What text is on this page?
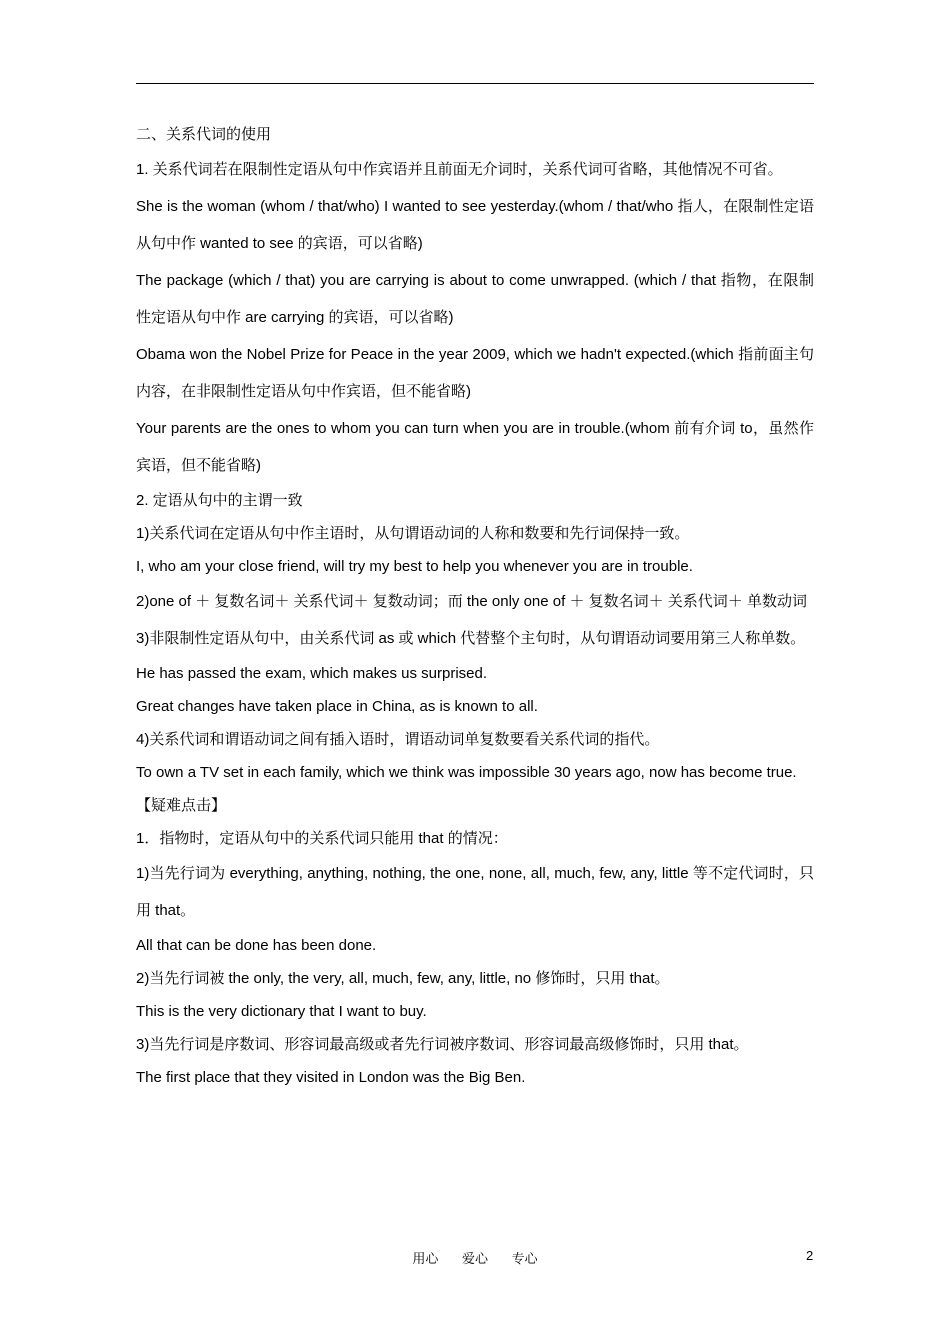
二、关系代词的使用

1. 关系代词若在限制性定语从句中作宾语并且前面无介词时，关系代词可省略，其他情况不可省。

She is the woman (whom / that/who) I wanted to see yesterday.(whom / that/who 指人，在限制性定语从句中作 wanted to see 的宾语，可以省略)

The package (which / that) you are carrying is about to come unwrapped. (which / that 指物，在限制性定语从句中作 are carrying 的宾语，可以省略)

Obama won the Nobel Prize for Peace in the year 2009, which we hadn't expected.(which 指前面主句内容，在非限制性定语从句中作宾语，但不能省略)

Your parents are the ones to whom you can turn when you are in trouble.(whom 前有介词 to，虽然作宾语，但不能省略)

2. 定语从句中的主谓一致

1)关系代词在定语从句中作主语时，从句谓语动词的人称和数要和先行词保持一致。

I, who am your close friend, will try my best to help you whenever you are in trouble.

2)one of ＋ 复数名词＋ 关系代词＋ 复数动词；而 the only one of ＋ 复数名词＋ 关系代词＋ 单数动词

3)非限制性定语从句中，由关系代词 as 或 which 代替整个主句时，从句谓语动词要用第三人称单数。

He has passed the exam, which makes us surprised.

Great changes have taken place in China, as is known to all.

4)关系代词和谓语动词之间有插入语时，谓语动词单复数要看关系代词的指代。

To own a TV set in each family, which we think was impossible 30 years ago, now has become true.

【疑难点击】

1．指物时，定语从句中的关系代词只能用 that 的情况：

1)当先行词为 everything, anything, nothing, the one, none, all, much, few, any, little 等不定代词时，只用 that。

All that can be done has been done.

2)当先行词被 the only, the very, all, much, few, any, little, no 修饰时，只用 that。

This is the very dictionary that I want to buy.

3)当先行词是序数词、形容词最高级或者先行词被序数词、形容词最高级修饰时，只用 that。

The first place that they visited in London was the Big Ben.

用心 爱心 专心	2
